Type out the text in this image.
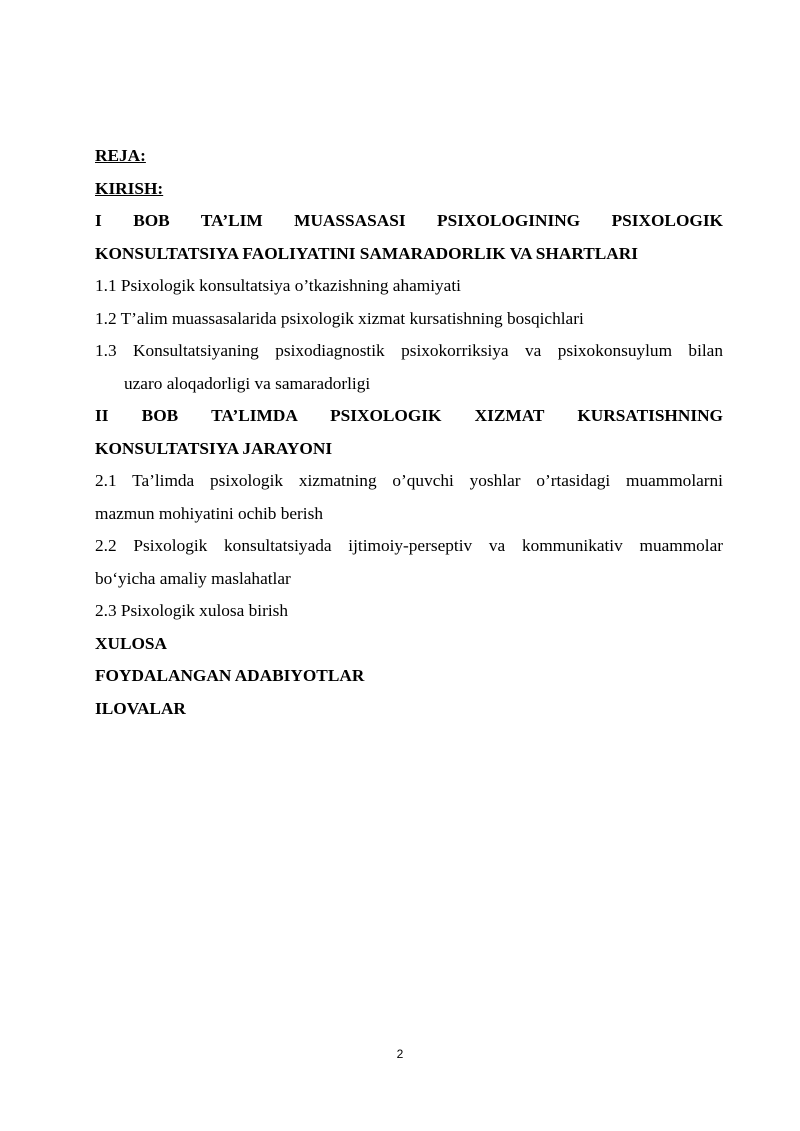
REJA:
KIRISH:
I BOB TA’LIM MUASSASASI PSIXOLOGINING PSIXOLOGIK
KONSULTATSIYA FAOLIYATINI SAMARADORLIK VA SHARTLARI
1.1 Psixologik konsultatsiya o’tkazishning ahamiyati
1.2 T’alim muassasalarida psixologik xizmat kursatishning bosqichlari
1.3 Konsultatsiyaning psixodiagnostik psixokorriksiya va psixokonsuylum bilan
uzaro aloqadorligi va samaradorligi
II BOB TA’LIMDA PSIXOLOGIK XIZMAT KURSATISHNING
KONSULTATSIYA JARAYONI
2.1 Ta’limda psixologik xizmatning o’quvchi yoshlar o’rtasidagi muammolarni
mazmun mohiyatini ochib berish
2.2 Psixologik konsultatsiyada ijtimoiy-perseptiv va kommunikativ muammolar
bo‘yicha amaliy maslahatlar
2.3 Psixologik xulosa birish
XULOSA
FOYDALANGAN ADABIYOTLAR
ILOVALAR
2
